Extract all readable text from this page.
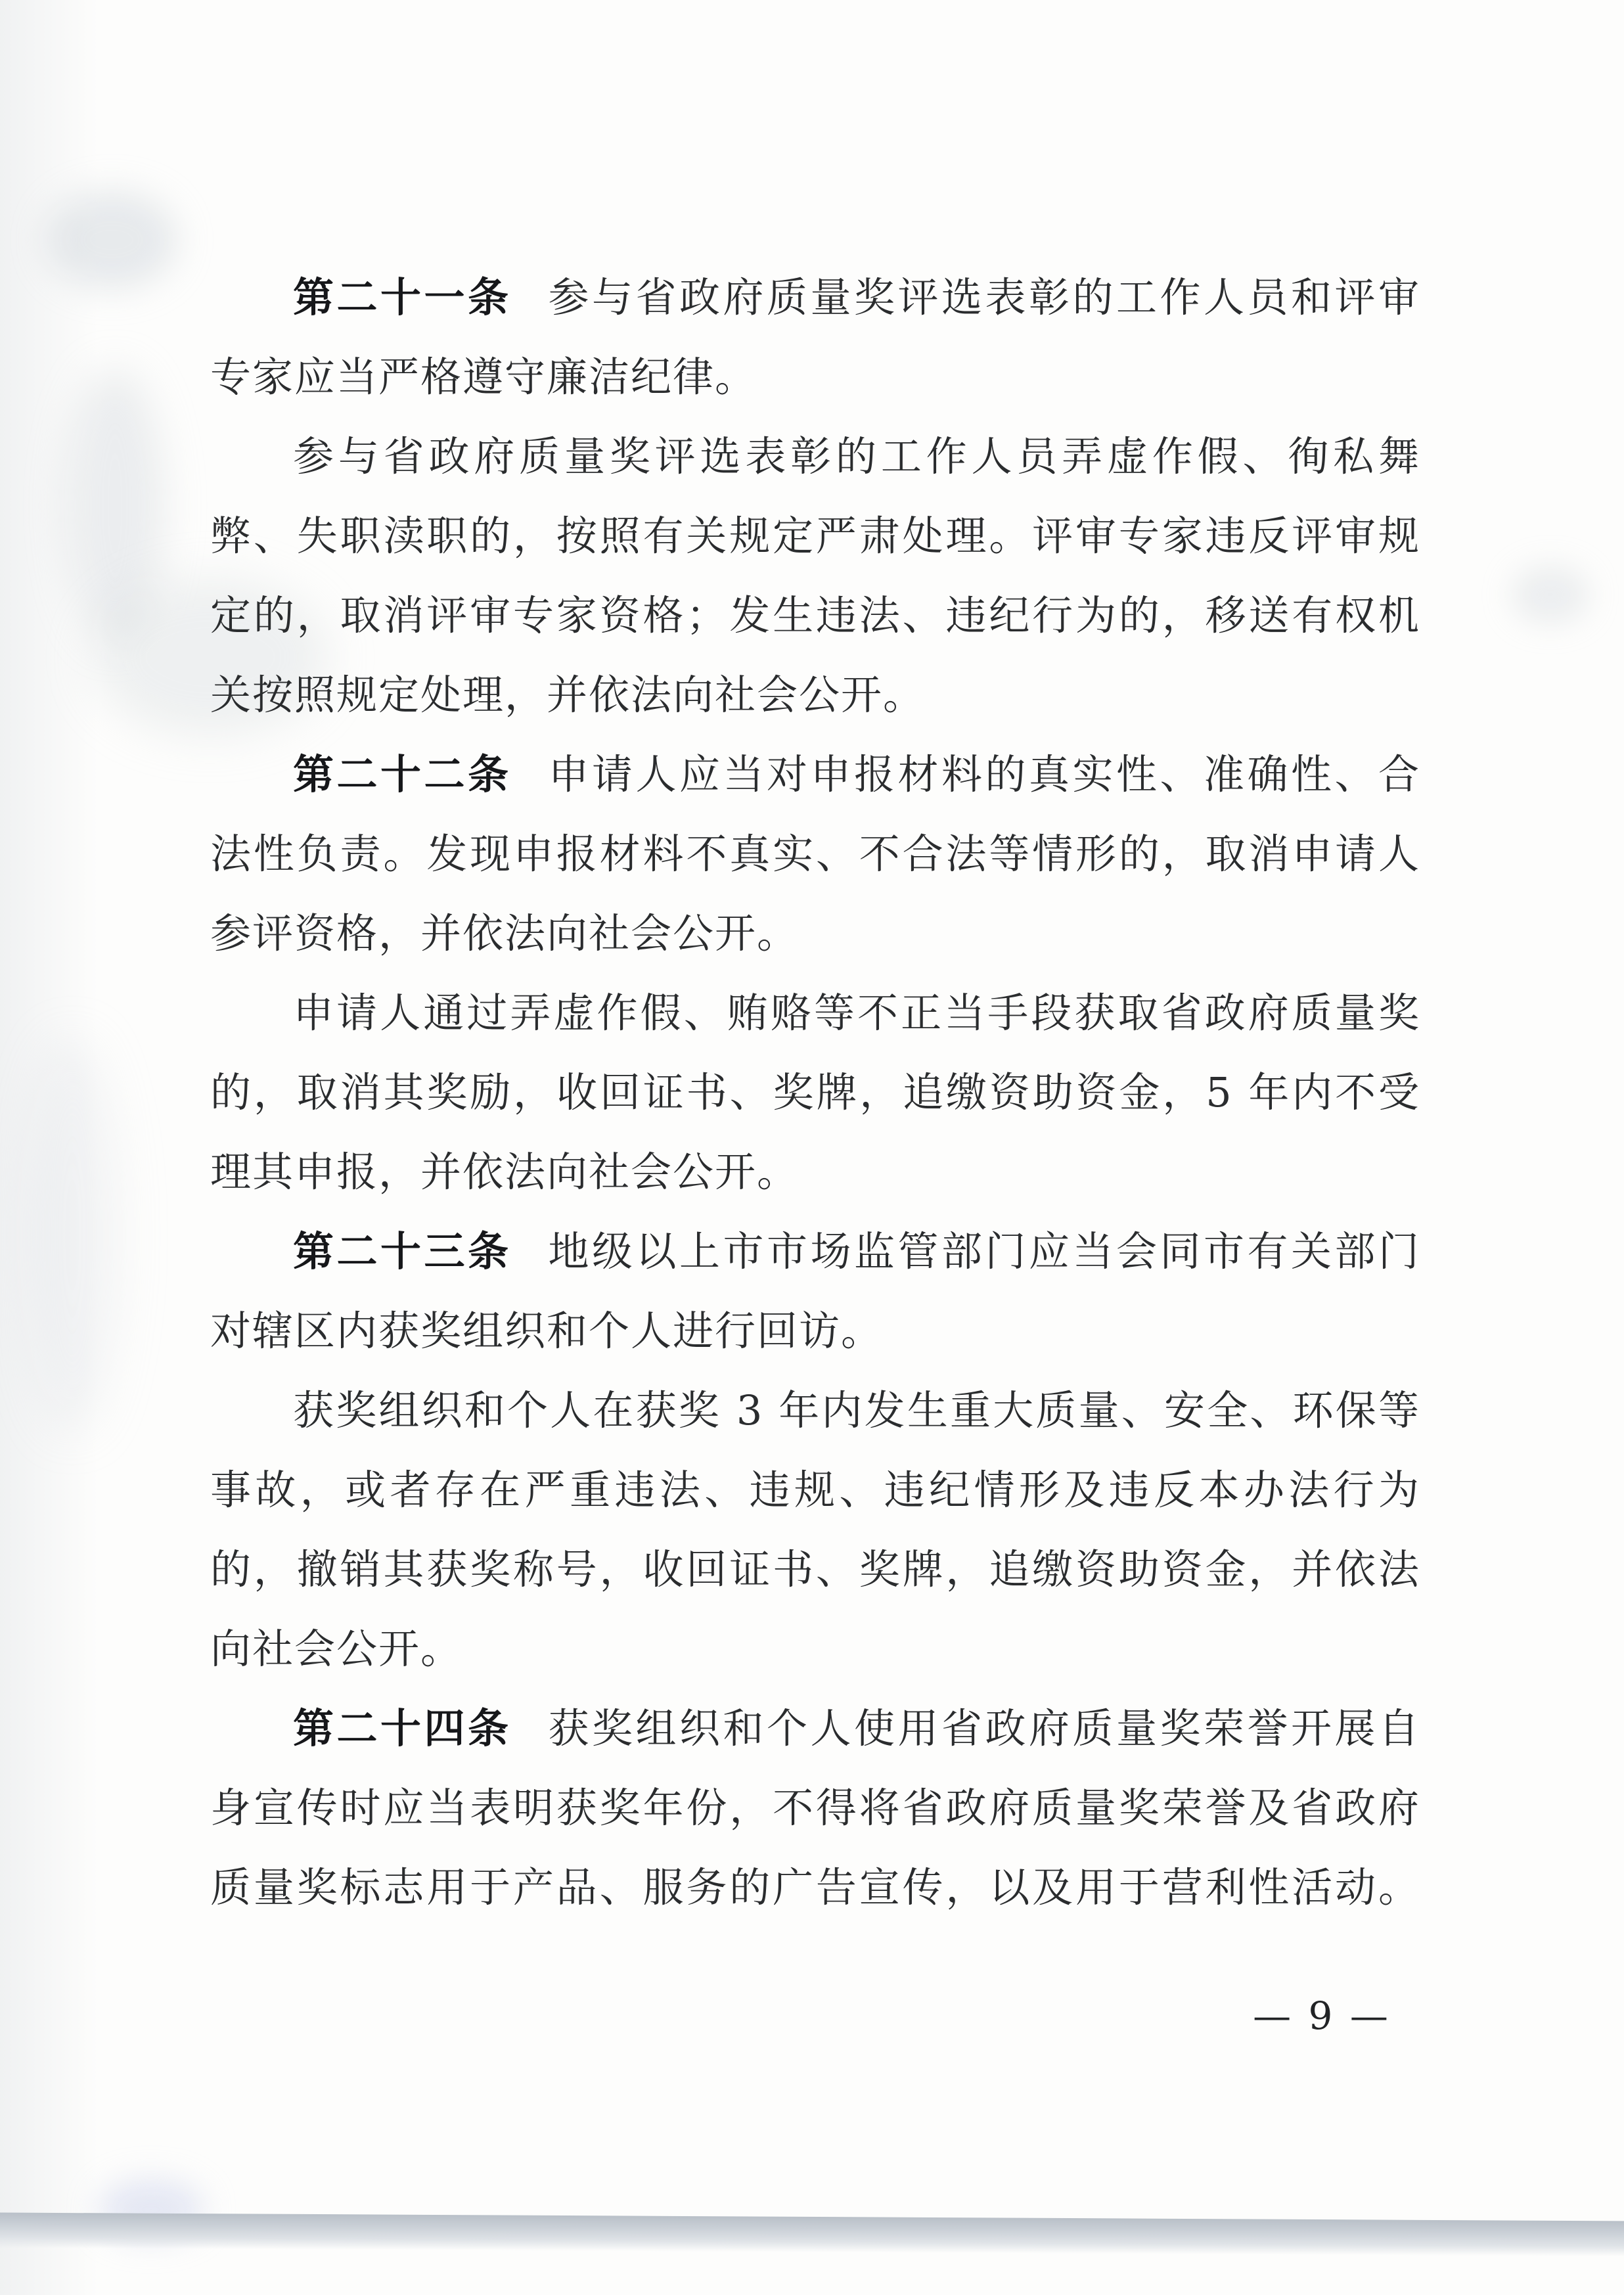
第二十一条 参与省政府质量奖评选表彰的工作人员和评审
专家应当严格遵守廉洁纪律。
参与省政府质量奖评选表彰的工作人员弄虚作假、徇私舞
弊、失职渎职的，按照有关规定严肃处理。评审专家违反评审规
定的，取消评审专家资格；发生违法、违纪行为的，移送有权机
关按照规定处理，并依法向社会公开。
第二十二条 申请人应当对申报材料的真实性、准确性、合
法性负责。发现申报材料不真实、不合法等情形的，取消申请人
参评资格，并依法向社会公开。
申请人通过弄虚作假、贿赂等不正当手段获取省政府质量奖
的，取消其奖励，收回证书、奖牌，追缴资助资金，5 年内不受
理其申报，并依法向社会公开。
第二十三条 地级以上市市场监管部门应当会同市有关部门
对辖区内获奖组织和个人进行回访。
获奖组织和个人在获奖 3 年内发生重大质量、安全、环保等
事故，或者存在严重违法、违规、违纪情形及违反本办法行为
的，撤销其获奖称号，收回证书、奖牌，追缴资助资金，并依法
向社会公开。
第二十四条 获奖组织和个人使用省政府质量奖荣誉开展自
身宣传时应当表明获奖年份，不得将省政府质量奖荣誉及省政府
质量奖标志用于产品、服务的广告宣传，以及用于营利性活动。
— 9 —
